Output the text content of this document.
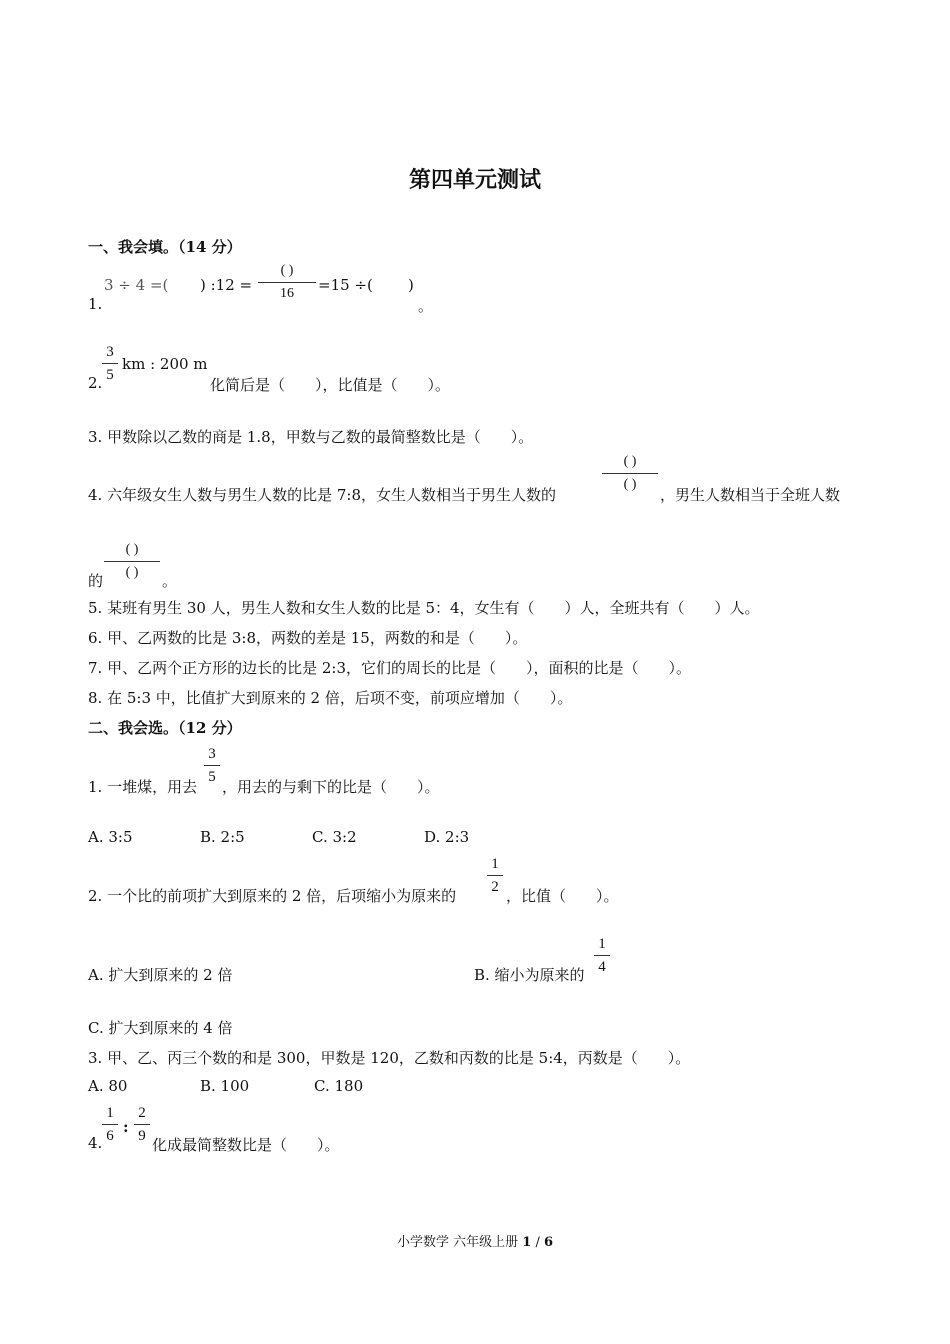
第四单元测试
一、我会填。（14 分）
3 ÷ 4 =( ) :12 =
( )
16	=15 ÷( )
1.	。
3
5
km : 200 m
2.	化简后是（　　），比值是（　　）。
3. 甲数除以乙数的商是 1.8，甲数与乙数的最简整数比是（　　）。
4. 六年级女生人数与男生人数的比是 7:8，女生人数相当于男生人数的
( )
( )
，男生人数相当于全班人数
( )
( )
的	。
5. 某班有男生 30 人，男生人数和女生人数的比是 5：4，女生有（　　）人，全班共有（　　）人。
6. 甲、乙两数的比是 3:8，两数的差是 15，两数的和是（　　）。
7. 甲、乙两个正方形的边长的比是 2:3，它们的周长的比是（　　），面积的比是（　　）。
8. 在 5:3 中，比值扩大到原来的 2 倍，后项不变，前项应增加（　　）。
二、我会选。（12 分）
1. 一堆煤，用去
3
5
，用去的与剩下的比是（　　）。
A. 3:5	B. 2:5	C. 3:2	D. 2:3
2. 一个比的前项扩大到原来的 2 倍，后项缩小为原来的
1
2 ，比值（　　）。
A. 扩大到原来的 2 倍	B. 缩小为原来的
1
4
C. 扩大到原来的 4 倍
3. 甲、乙、丙三个数的和是 300，甲数是 120，乙数和丙数的比是 5:4，丙数是（　　）。
A. 80	B. 100	C. 180
4.
1
6 :
2
9 化成最简整数比是（　　）。
小学数学 六年级上册 1 / 6
